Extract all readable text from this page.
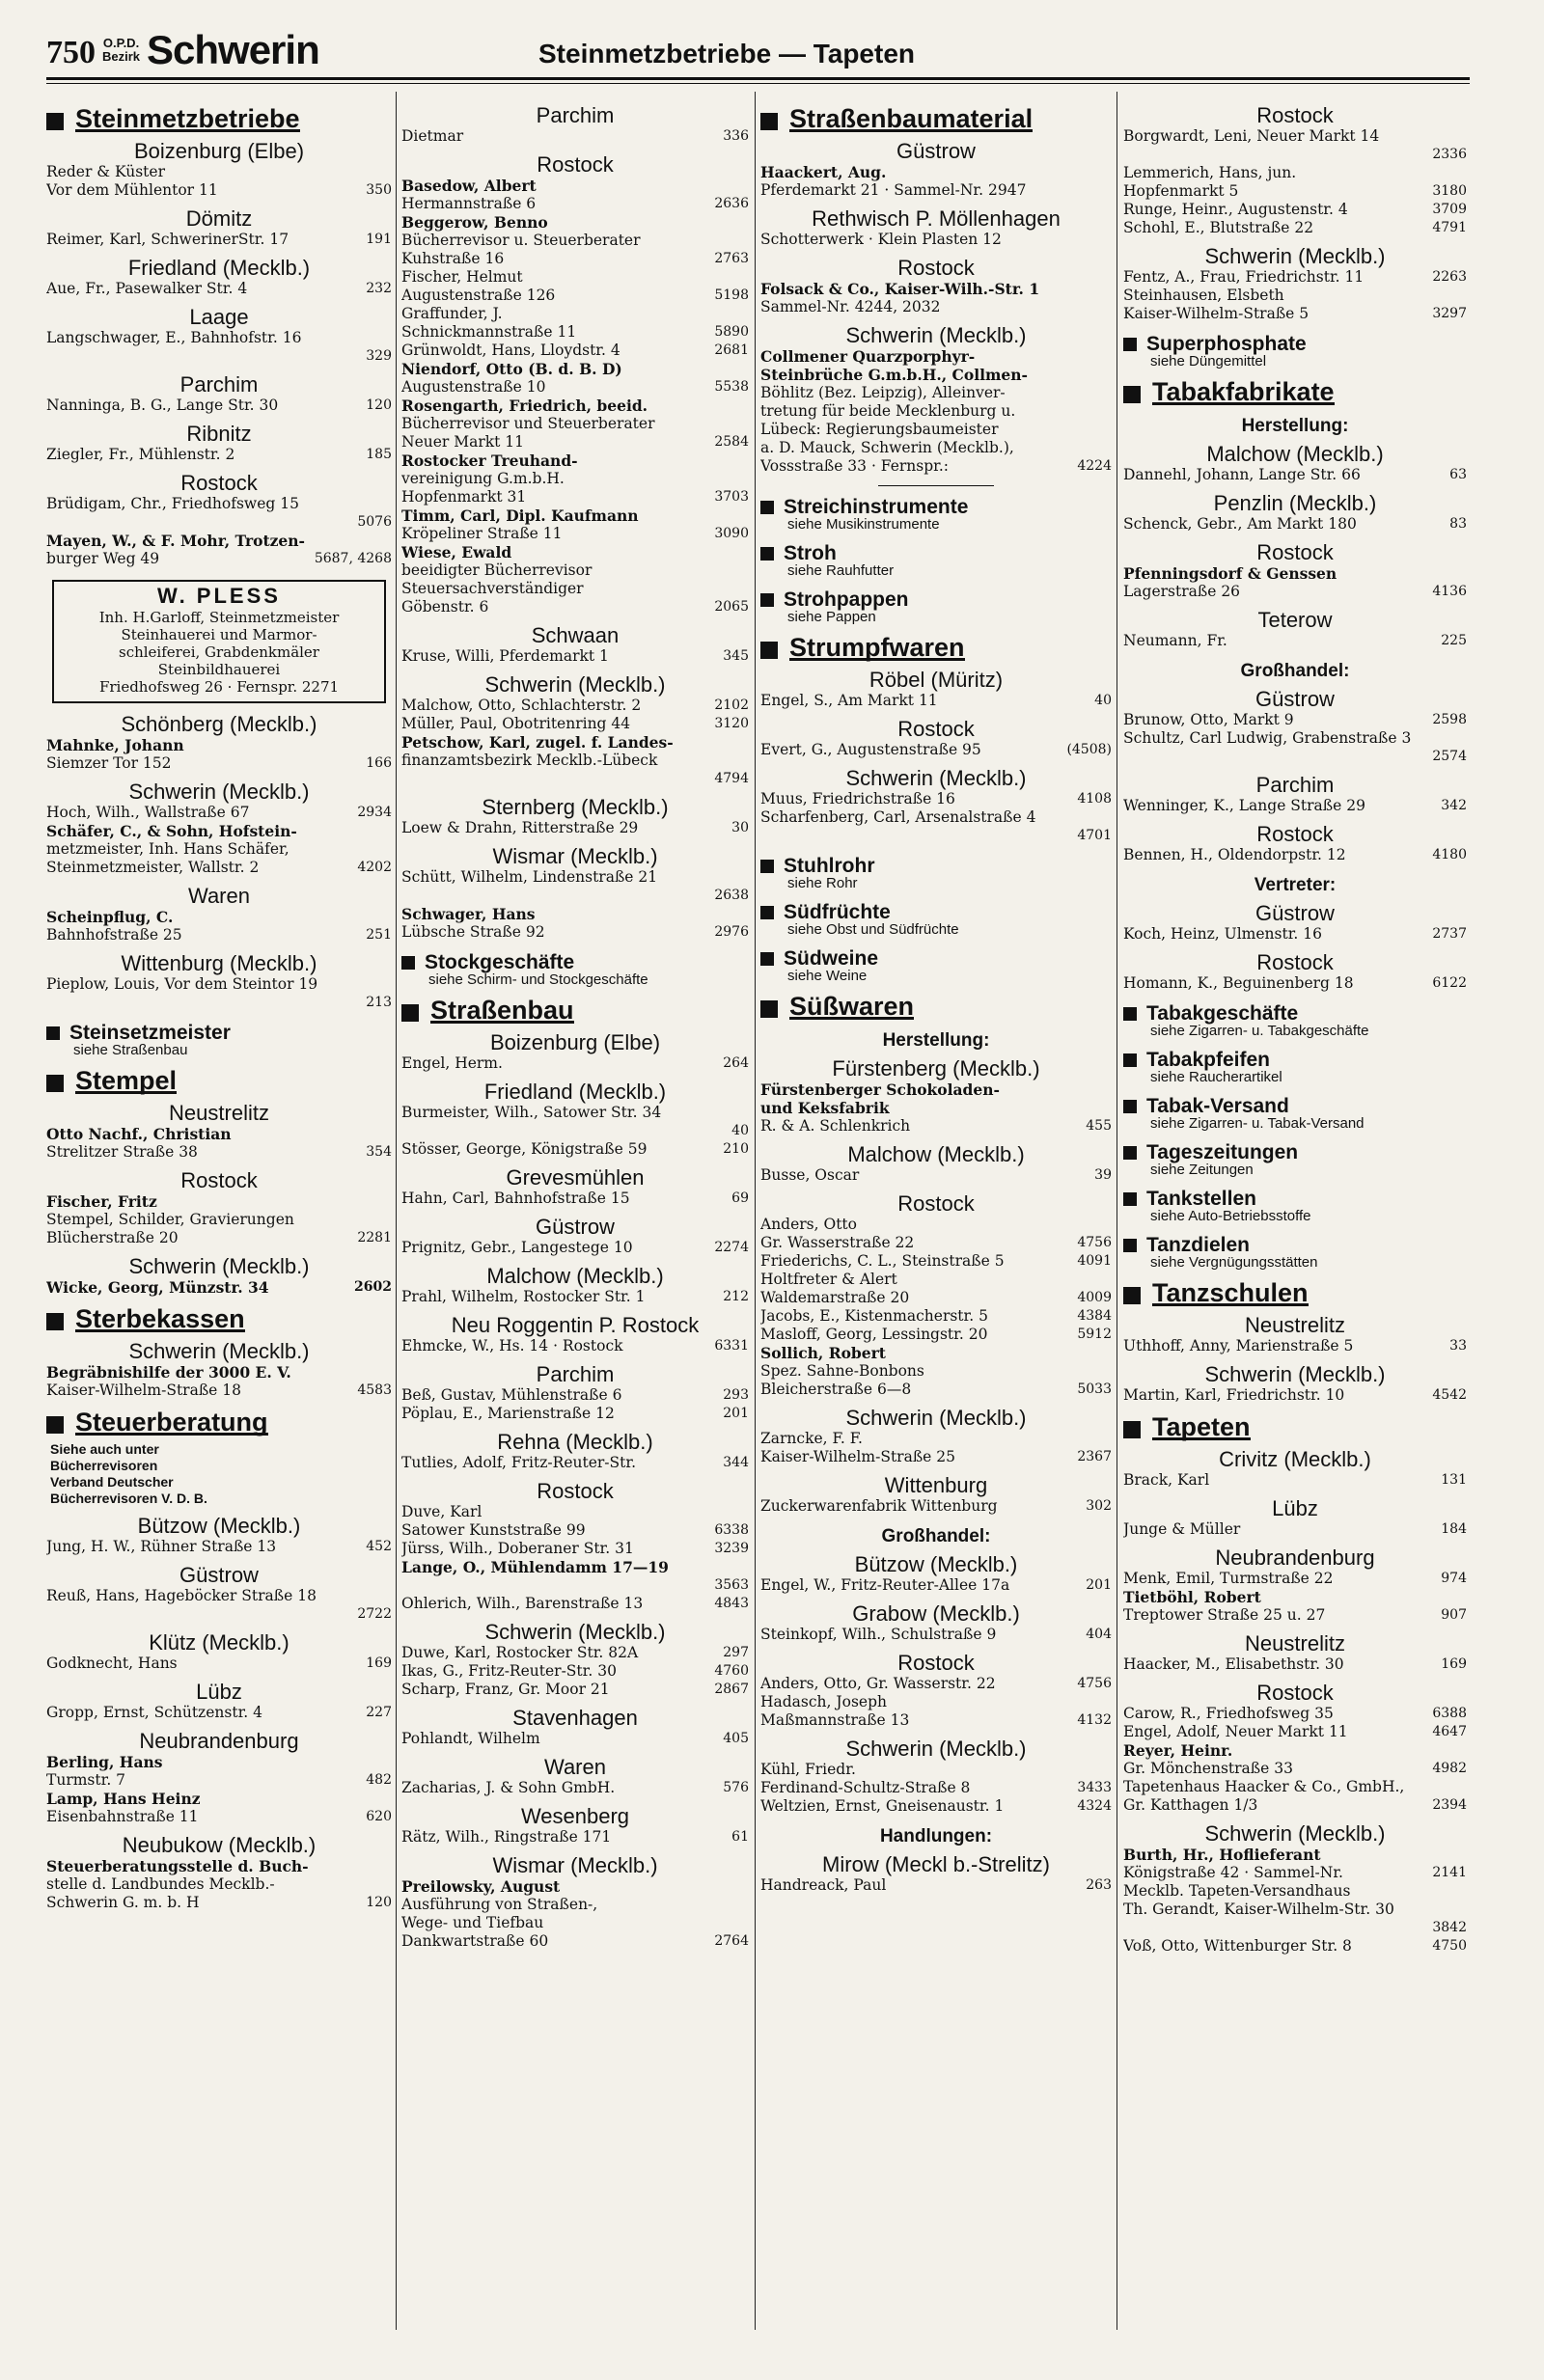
750 O.P.D.
Bezirk Schwerin	Steinmetzbetriebe — Tapeten
Steinmetzbetriebe
Boizenburg (Elbe)
Reder & Küster
Vor dem Mühlentor 11	350
Dömitz
Reimer, Karl, SchwerinerStr. 17	191
Friedland (Mecklb.)
Aue, Fr., Pasewalker Str. 4	232
Laage
Langschwager, E., Bahnhofstr. 16
329
Parchim
Nanninga, B. G., Lange Str. 30	120
Ribnitz
Ziegler, Fr., Mühlenstr. 2	185
Rostock
Brüdigam, Chr., Friedhofsweg 15
5076
Mayen, W., & F. Mohr, Trotzen-
burger Weg 49	5687, 4268
W. PLESS
Inh. H.Garloff, Steinmetzmeister
Steinhauerei und Marmor-
schleiferei, Grabdenkmäler
Steinbildhauerei
Friedhofsweg 26 · Fernspr. 2271
Schönberg (Mecklb.)
Mahnke, Johann
Siemzer Tor 152	166
Schwerin (Mecklb.)
Hoch, Wilh., Wallstraße 67	2934
Schäfer, C., & Sohn, Hofstein-
metzmeister, Inh. Hans Schäfer,
Steinmetzmeister, Wallstr. 2	4202
Waren
Scheinpflug, C.
Bahnhofstraße 25	251
Wittenburg (Mecklb.)
Pieplow, Louis, Vor dem Steintor 19
213
Steinsetzmeister
siehe Straßenbau
Stempel
Neustrelitz
Otto Nachf., Christian
Strelitzer Straße 38	354
Rostock
Fischer, Fritz
Stempel, Schilder, Gravierungen
Blücherstraße 20	2281
Schwerin (Mecklb.)
Wicke, Georg, Münzstr. 34	2602
Sterbekassen
Schwerin (Mecklb.)
Begräbnishilfe der 3000 E. V.
Kaiser-Wilhelm-Straße 18	4583
Steuerberatung
Siehe auch unter
Bücherrevisoren
Verband Deutscher
Bücherrevisoren V. D. B.
Bützow (Mecklb.)
Jung, H. W., Rühner Straße 13	452
Güstrow
Reuß, Hans, Hageböcker Straße 18
2722
Klütz (Mecklb.)
Godknecht, Hans	169
Lübz
Gropp, Ernst, Schützenstr. 4	227
Neubrandenburg
Berling, Hans
Turmstr. 7	482
Lamp, Hans Heinz
Eisenbahnstraße 11	620
Neubukow (Mecklb.)
Steuerberatungsstelle d. Buch-
stelle d. Landbundes Mecklb.-
Schwerin G. m. b. H	120
Parchim
Dietmar	336
Rostock
Basedow, Albert
Hermannstraße 6	2636
Beggerow, Benno
Bücherrevisor u. Steuerberater
Kuhstraße 16	2763
Fischer, Helmut
Augustenstraße 126	5198
Graffunder, J.
Schnickmannstraße 11	5890
Grünwoldt, Hans, Lloydstr. 4	2681
Niendorf, Otto (B. d. B. D)
Augustenstraße 10	5538
Rosengarth, Friedrich, beeid.
Bücherrevisor und Steuerberater
Neuer Markt 11	2584
Rostocker Treuhand-
vereinigung G.m.b.H.
Hopfenmarkt 31	3703
Timm, Carl, Dipl. Kaufmann
Kröpeliner Straße 11	3090
Wiese, Ewald
beeidigter Bücherrevisor
Steuersachverständiger
Göbenstr. 6	2065
Schwaan
Kruse, Willi, Pferdemarkt 1	345
Schwerin (Mecklb.)
Malchow, Otto, Schlachterstr. 2	2102
Müller, Paul, Obotritenring 44	3120
Petschow, Karl, zugel. f. Landes-
finanzamtsbezirk Mecklb.-Lübeck
4794
Sternberg (Mecklb.)
Loew & Drahn, Ritterstraße 29	30
Wismar (Mecklb.)
Schütt, Wilhelm, Lindenstraße 21
2638
Schwager, Hans
Lübsche Straße 92	2976
Stockgeschäfte
siehe Schirm- und Stockgeschäfte
Straßenbau
Boizenburg (Elbe)
Engel, Herm.	264
Friedland (Mecklb.)
Burmeister, Wilh., Satower Str. 34
40
Stösser, George, Königstraße 59	210
Grevesmühlen
Hahn, Carl, Bahnhofstraße 15	69
Güstrow
Prignitz, Gebr., Langestege 10	2274
Malchow (Mecklb.)
Prahl, Wilhelm, Rostocker Str. 1	212
Neu Roggentin P. Rostock
Ehmcke, W., Hs. 14 · Rostock	6331
Parchim
Beß, Gustav, Mühlenstraße 6	293
Pöplau, E., Marienstraße 12	201
Rehna (Mecklb.)
Tutlies, Adolf, Fritz-Reuter-Str.	344
Rostock
Duve, Karl
Satower Kunststraße 99	6338
Jürss, Wilh., Doberaner Str. 31	3239
Lange, O., Mühlendamm 17—19
3563
Ohlerich, Wilh., Barenstraße 13	4843
Schwerin (Mecklb.)
Duwe, Karl, Rostocker Str. 82A	297
Ikas, G., Fritz-Reuter-Str. 30	4760
Scharp, Franz, Gr. Moor 21	2867
Stavenhagen
Pohlandt, Wilhelm	405
Waren
Zacharias, J. & Sohn GmbH.	576
Wesenberg
Rätz, Wilh., Ringstraße 171	61
Wismar (Mecklb.)
Preilowsky, August
Ausführung von Straßen-,
Wege- und Tiefbau
Dankwartstraße 60	2764
Straßenbaumaterial
Güstrow
Haackert, Aug.
Pferdemarkt 21 · Sammel-Nr. 2947
Rethwisch P. Möllenhagen
Schotterwerk · Klein Plasten 12
Rostock
Folsack & Co., Kaiser-Wilh.-Str. 1
Sammel-Nr. 4244, 2032
Schwerin (Mecklb.)
Collmener Quarzporphyr-
Steinbrüche G.m.b.H., Collmen-
Böhlitz (Bez. Leipzig), Alleinver-
tretung für beide Mecklenburg u.
Lübeck: Regierungsbaumeister
a. D. Mauck, Schwerin (Mecklb.),
Vossstraße 33 · Fernspr.:	4224
Streichinstrumente
siehe Musikinstrumente
Stroh
siehe Rauhfutter
Strohpappen
siehe Pappen
Strumpfwaren
Röbel (Müritz)
Engel, S., Am Markt 11	40
Rostock
Evert, G., Augustenstraße 95	(4508)
Schwerin (Mecklb.)
Muus, Friedrichstraße 16	4108
Scharfenberg, Carl, Arsenalstraße 4
4701
Stuhlrohr
siehe Rohr
Südfrüchte
siehe Obst und Südfrüchte
Südweine
siehe Weine
Süßwaren
Herstellung:
Fürstenberg (Mecklb.)
Fürstenberger Schokoladen-
und Keksfabrik
R. & A. Schlenkrich	455
Malchow (Mecklb.)
Busse, Oscar	39
Rostock
Anders, Otto
Gr. Wasserstraße 22	4756
Friederichs, C. L., Steinstraße 5	4091
Holtfreter & Alert
Waldemarstraße 20	4009
Jacobs, E., Kistenmacherstr. 5	4384
Masloff, Georg, Lessingstr. 20	5912
Sollich, Robert
Spez. Sahne-Bonbons
Bleicherstraße 6—8	5033
Schwerin (Mecklb.)
Zarncke, F. F.
Kaiser-Wilhelm-Straße 25	2367
Wittenburg
Zuckerwarenfabrik Wittenburg	302
Großhandel:
Bützow (Mecklb.)
Engel, W., Fritz-Reuter-Allee 17a	201
Grabow (Mecklb.)
Steinkopf, Wilh., Schulstraße 9	404
Rostock
Anders, Otto, Gr. Wasserstr. 22	4756
Hadasch, Joseph
Maßmannstraße 13	4132
Schwerin (Mecklb.)
Kühl, Friedr.
Ferdinand-Schultz-Straße 8	3433
Weltzien, Ernst, Gneisenaustr. 1	4324
Handlungen:
Mirow (Meckl b.-Strelitz)
Handreack, Paul	263
Rostock
Borgwardt, Leni, Neuer Markt 14
2336
Lemmerich, Hans, jun.
Hopfenmarkt 5	3180
Runge, Heinr., Augustenstr. 4	3709
Schohl, E., Blutstraße 22	4791
Schwerin (Mecklb.)
Fentz, A., Frau, Friedrichstr. 11	2263
Steinhausen, Elsbeth
Kaiser-Wilhelm-Straße 5	3297
Superphosphate
siehe Düngemittel
Tabakfabrikate
Herstellung:
Malchow (Mecklb.)
Dannehl, Johann, Lange Str. 66	63
Penzlin (Mecklb.)
Schenck, Gebr., Am Markt 180	83
Rostock
Pfenningsdorf & Genssen
Lagerstraße 26	4136
Teterow
Neumann, Fr.	225
Großhandel:
Güstrow
Brunow, Otto, Markt 9	2598
Schultz, Carl Ludwig, Grabenstraße 3
2574
Parchim
Wenninger, K., Lange Straße 29	342
Rostock
Bennen, H., Oldendorpstr. 12	4180
Vertreter:
Güstrow
Koch, Heinz, Ulmenstr. 16	2737
Rostock
Homann, K., Beguinenberg 18	6122
Tabakgeschäfte
siehe Zigarren- u. Tabakgeschäfte
Tabakpfeifen
siehe Raucherartikel
Tabak-Versand
siehe Zigarren- u. Tabak-Versand
Tageszeitungen
siehe Zeitungen
Tankstellen
siehe Auto-Betriebsstoffe
Tanzdielen
siehe Vergnügungsstätten
Tanzschulen
Neustrelitz
Uthhoff, Anny, Marienstraße 5	33
Schwerin (Mecklb.)
Martin, Karl, Friedrichstr. 10	4542
Tapeten
Crivitz (Mecklb.)
Brack, Karl	131
Lübz
Junge & Müller	184
Neubrandenburg
Menk, Emil, Turmstraße 22	974
Tietböhl, Robert
Treptower Straße 25 u. 27	907
Neustrelitz
Haacker, M., Elisabethstr. 30	169
Rostock
Carow, R., Friedhofsweg 35	6388
Engel, Adolf, Neuer Markt 11	4647
Reyer, Heinr.
Gr. Mönchenstraße 33	4982
Tapetenhaus Haacker & Co., GmbH.,
Gr. Katthagen 1/3	2394
Schwerin (Mecklb.)
Burth, Hr., Hoflieferant
Königstraße 42 · Sammel-Nr.	2141
Mecklb. Tapeten-Versandhaus
Th. Gerandt, Kaiser-Wilhelm-Str. 30
3842
Voß, Otto, Wittenburger Str. 8	4750
